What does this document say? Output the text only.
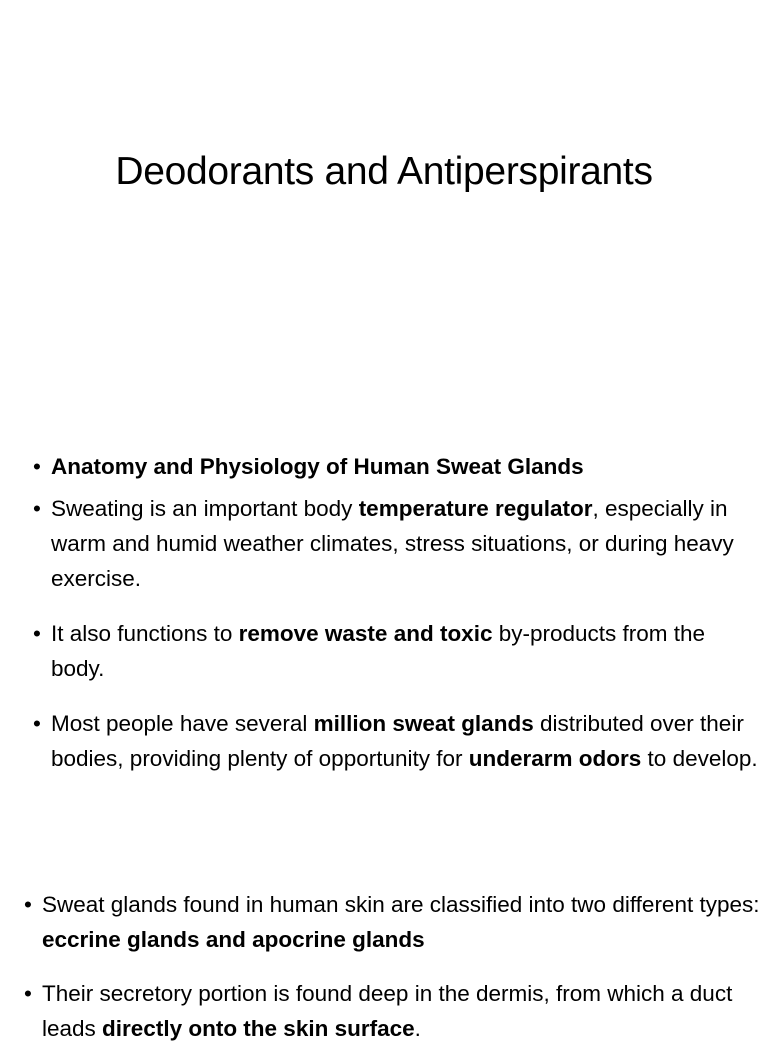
Deodorants and Antiperspirants
• Anatomy and Physiology of Human Sweat Glands
• Sweating is an important body temperature regulator, especially in warm and humid weather climates, stress situations, or during heavy exercise.
• It also functions to remove waste and toxic by-products from the body.
• Most people have several million sweat glands distributed over their bodies, providing plenty of opportunity for underarm odors to develop.
• Sweat glands found in human skin are classified into two different types: eccrine glands and apocrine glands
• Their secretory portion is found deep in the dermis, from which a duct leads directly onto the skin surface.
